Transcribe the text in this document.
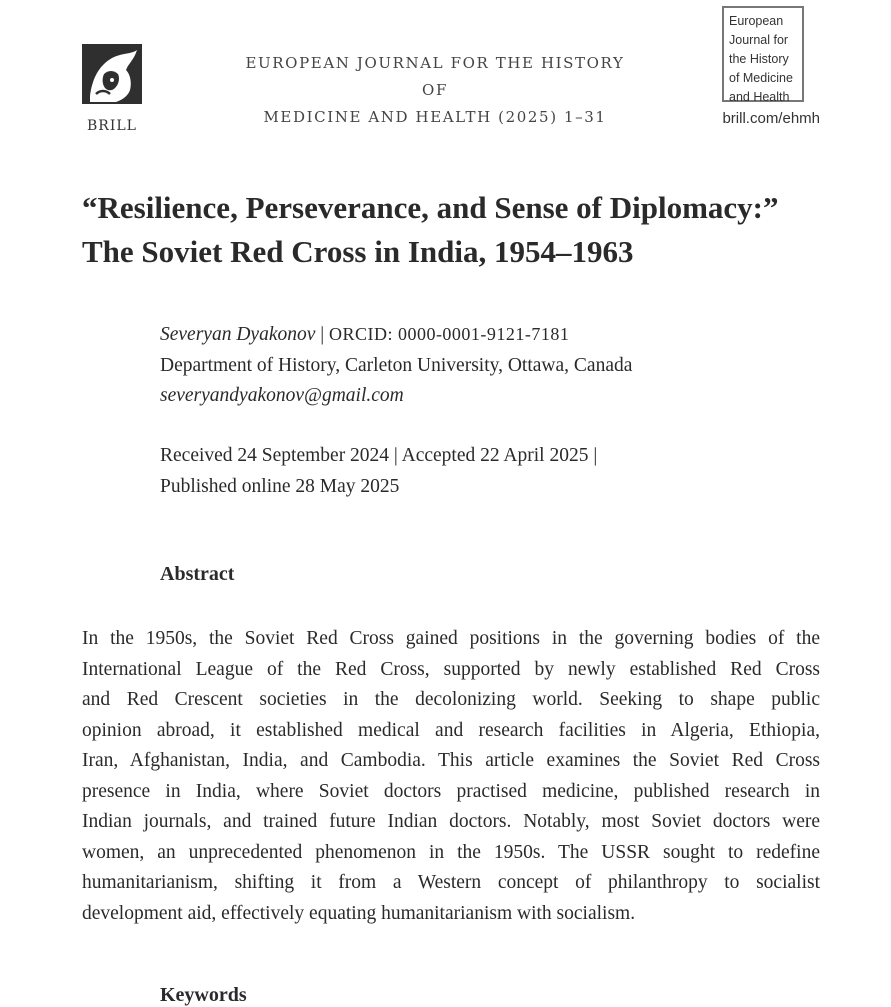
BRILL
EUROPEAN JOURNAL FOR THE HISTORY OF
MEDICINE AND HEALTH (2025) 1–31
European
Journal for
the History
of Medicine
and Health
brill.com/ehmh
“Resilience, Perseverance, and Sense of Diplomacy:”
The Soviet Red Cross in India, 1954–1963
Severyan Dyakonov | ORCID: 0000-0001-9121-7181
Department of History, Carleton University, Ottawa, Canada
severyandyakonov@gmail.com
Received 24 September 2024 | Accepted 22 April 2025 |
Published online 28 May 2025
Abstract
In the 1950s, the Soviet Red Cross gained positions in the governing bodies of the
International League of the Red Cross, supported by newly established Red Cross
and Red Crescent societies in the decolonizing world. Seeking to shape public
opinion abroad, it established medical and research facilities in Algeria, Ethiopia,
Iran, Afghanistan, India, and Cambodia. This article examines the Soviet Red Cross
presence in India, where Soviet doctors practised medicine, published research in
Indian journals, and trained future Indian doctors. Notably, most Soviet doctors were
women, an unprecedented phenomenon in the 1950s. The USSR sought to redefine
humanitarianism, shifting it from a Western concept of philanthropy to socialist
development aid, effectively equating humanitarianism with socialism.
Keywords
